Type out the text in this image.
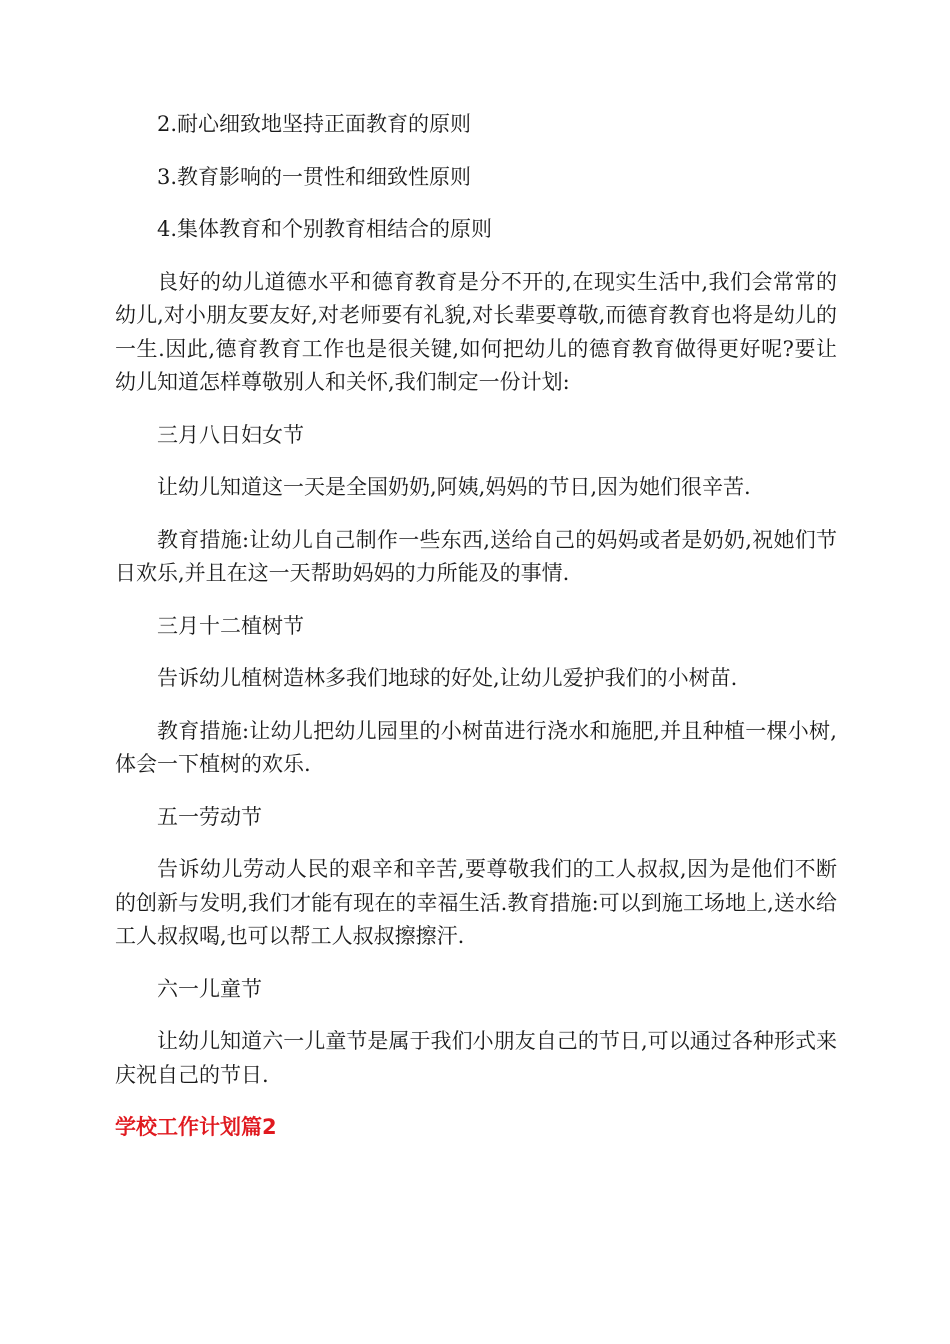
2.耐心细致地坚持正面教育的原则

3.教育影响的一贯性和细致性原则

4.集体教育和个别教育相结合的原则

良好的幼儿道德水平和德育教育是分不开的,在现实生活中,我们会常常的幼儿,对小朋友要友好,对老师要有礼貌,对长辈要尊敬,而德育教育也将是幼儿的一生.因此,德育教育工作也是很关键,如何把幼儿的德育教育做得更好呢?要让幼儿知道怎样尊敬别人和关怀,我们制定一份计划:

三月八日妇女节

让幼儿知道这一天是全国奶奶,阿姨,妈妈的节日,因为她们很辛苦.

教育措施:让幼儿自己制作一些东西,送给自己的妈妈或者是奶奶,祝她们节日欢乐,并且在这一天帮助妈妈的力所能及的事情.

三月十二植树节

告诉幼儿植树造林多我们地球的好处,让幼儿爱护我们的小树苗.

教育措施:让幼儿把幼儿园里的小树苗进行浇水和施肥,并且种植一棵小树,体会一下植树的欢乐.

五一劳动节

告诉幼儿劳动人民的艰辛和辛苦,要尊敬我们的工人叔叔,因为是他们不断的创新与发明,我们才能有现在的幸福生活.教育措施:可以到施工场地上,送水给工人叔叔喝,也可以帮工人叔叔擦擦汗.

六一儿童节

让幼儿知道六一儿童节是属于我们小朋友自己的节日,可以通过各种形式来庆祝自己的节日.

学校工作计划篇2
